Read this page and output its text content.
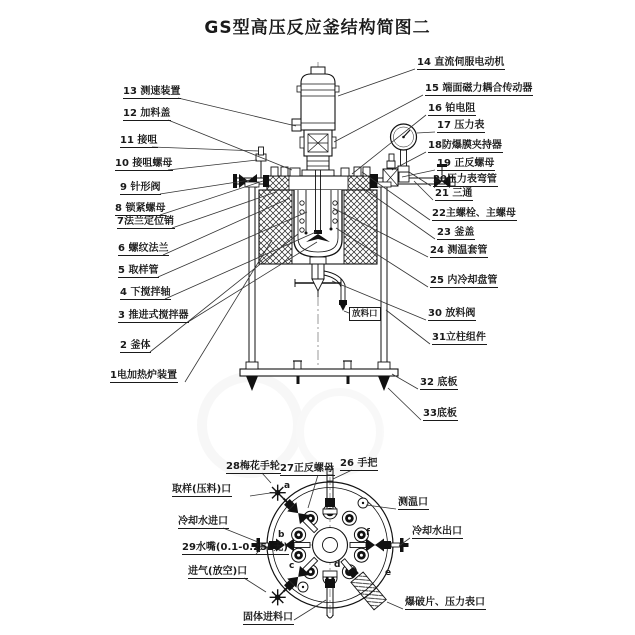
GS型高压反应釜结构简图二
13 测速装置
12 加料盖
11 接咀
10 接咀螺母
9 针形阀
8 锁紧螺母
7法兰定位销
6 螺纹法兰
5 取样管
4 下搅拌轴
3 推进式搅拌器
2 釜体
1电加热炉装置
14 直流伺服电动机
15 端面磁力耦合传动器
16 铂电阻
17 压力表
18防爆膜夹持器
19 正反螺母
20压力表弯管
21 三通
22主螺栓、主螺母
23 釜盖
24 测温套管
25 内冷却盘管
30 放料阀
31立柱组件
32 底板
33底板
放料口
28梅花手轮 27正反螺母 26 手把
取样(压料)口
冷却水进口
29水嘴(0.1-0.25L无)
进气(放空)口
固体进料口
测温口
冷却水出口
爆破片、压力表口
a
b
c	d
e
f
